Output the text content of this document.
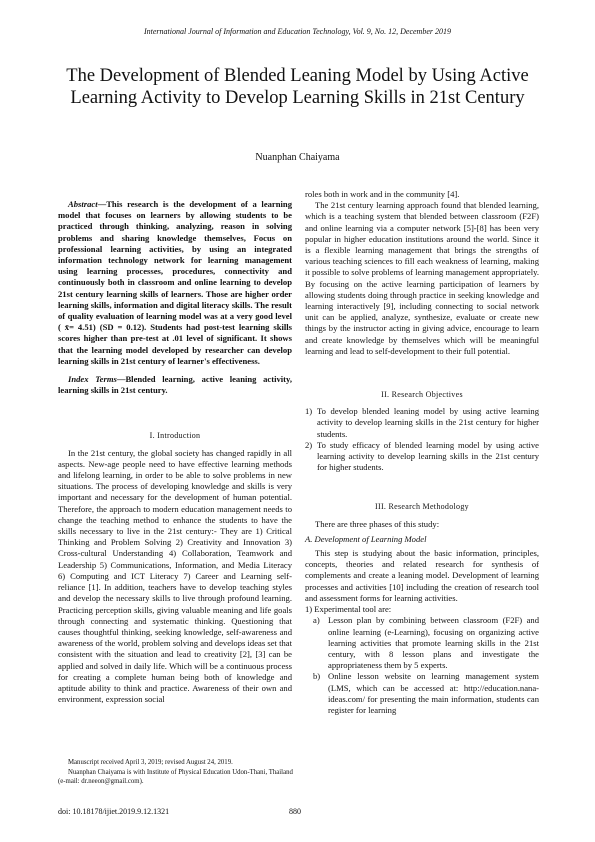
International Journal of Information and Education Technology, Vol. 9, No. 12, December 2019
The Development of Blended Leaning Model by Using Active Learning Activity to Develop Learning Skills in 21st Century
Nuanphan Chaiyama

Abstract—This research is the development of a learning model that focuses on learners by allowing students to be practiced through thinking, analyzing, reason in solving problems and sharing knowledge themselves, Focus on professional learning activities, by using an integrated information technology network for learning management using learning processes, procedures, connectivity and continuously both in classroom and online learning to develop 21st century learning skills of learners. Those are higher order learning skills, information and digital literacy skills. The result of quality evaluation of learning model was at a very good level ( x̄= 4.51) (SD = 0.12). Students had post-test learning skills scores higher than pre-test at .01 level of significant. It shows that the learning model developed by researcher can develop learning skills in 21st century of learner's effectiveness.

Index Terms—Blended learning, active leaning activity, learning skills in 21st century.

I. Introduction

In the 21st century, the global society has changed rapidly in all aspects. New-age people need to have effective learning methods and lifelong learning, in order to be able to solve problems in new situations. The process of developing knowledge and skills is very important and necessary for the development of human potential. Therefore, the approach to modern education management needs to change the teaching method to enhance the students to have the skills necessary to live in the 21st century:- They are 1) Critical Thinking and Problem Solving 2) Creativity and Innovation 3) Cross-cultural Understanding 4) Collaboration, Teamwork and Leadership 5) Communications, Information, and Media Literacy 6) Computing and ICT Literacy 7) Career and Learning self-reliance [1]. In addition, teachers have to develop teaching styles and develop the necessary skills to live through profound learning. Practicing perception skills, giving valuable meaning and life goals through connecting and systematic thinking. Questioning that causes thoughtful thinking, seeking knowledge, self-awareness and awareness of the world, problem solving and develops ideas set that consistent with the situation and lead to creativity [2], [3] can be applied and solved in daily life. Which will be a continuous process for creating a complete human being both of knowledge and aptitude ability to think and practice. Awareness of their own and environment, expression social

roles both in work and in the community [4].

The 21st century learning approach found that blended learning, which is a teaching system that blended between classroom (F2F) and online learning via a computer network [5]-[8] has been very popular in higher education institutions around the world. Since it is a flexible learning management that brings the strengths of various teaching sciences to fill each weakness of learning, making it possible to solve problems of learning management appropriately. By focusing on the active learning participation of learners by allowing students doing through practice in seeking knowledge and learning interactively [9], including connecting to social network unit can be applied, analyze, synthesize, evaluate or create new things by the instructor acting in giving advice, encourage to learn and create knowledge by themselves which will be meaningful learning and lead to self-development to their full potential.

II. Research Objectives
1) To develop blended leaning model by using active learning activity to develop learning skills in the 21st century for higher students.
2) To study efficacy of blended learning model by using active learning activity to develop learning skills in the 21st century for higher students.
III. Research Methodology

There are three phases of this study:

A. Development of Learning Model

This step is studying about the basic information, principles, concepts, theories and related research for synthesis of complements and create a leaning model. Development of learning processes and activities [10] including the creation of research tool and assessment forms for learning activities.

1) Experimental tool are:

a) Lesson plan by combining between classroom (F2F) and online learning (e-Learning), focusing on organizing active learning activities that promote learning skills in the 21st century, with 8 lesson plans and investigate the appropriateness them by 5 experts.
b) Online lesson website on learning management system (LMS, which can be accessed at: http://education.nana-ideas.com/ for presenting the main information, students can register for learning
Manuscript received April 3, 2019; revised August 24, 2019.
Nuanphan Chaiyama is with Institute of Physical Education Udon-Thani, Thailand (e-mail: dr.neeon@gmail.com).
doi: 10.18178/ijiet.2019.9.12.1321	880
